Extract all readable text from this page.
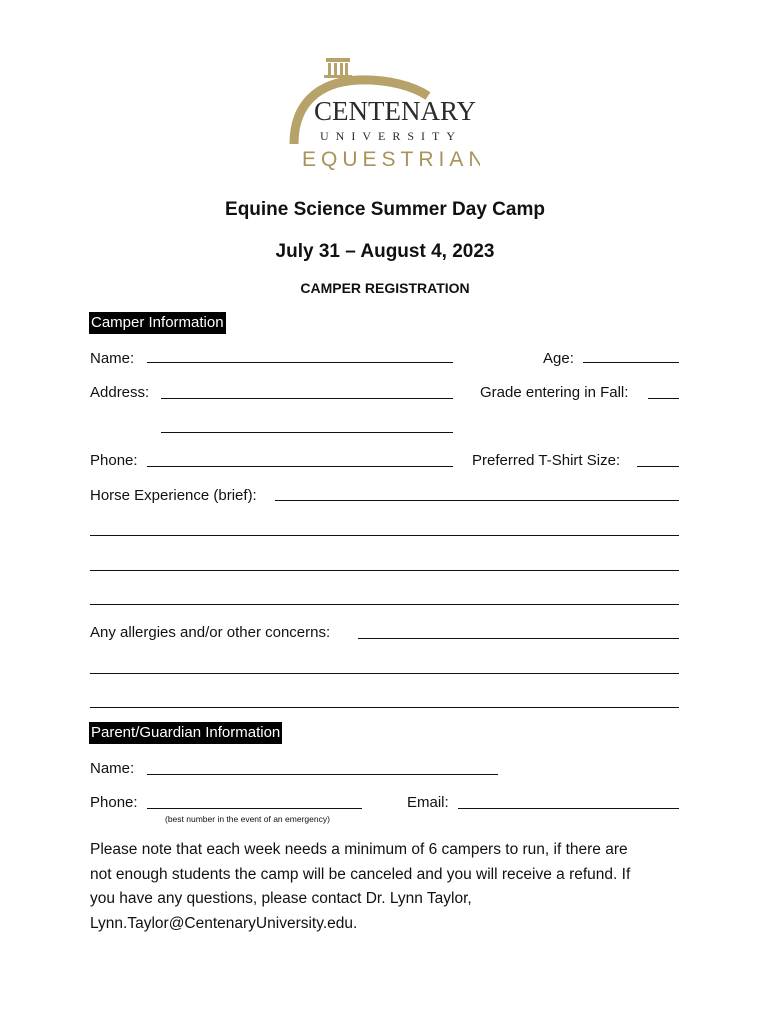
CENTENARY
UNIVERSITY
EQUESTRIAN
Equine Science Summer Day Camp
July 31 – August 4, 2023
CAMPER REGISTRATION
Camper Information
Name:	Age:
Address:	Grade entering in Fall:
Phone:	Preferred T-Shirt Size:
Horse Experience (brief):
Any allergies and/or other concerns:
Parent/Guardian Information
Name:
Phone:
(best number in the event of an emergency)
Email:
Please note that each week needs a minimum of 6 campers to run, if there are
not enough students the camp will be canceled and you will receive a refund. If
you have any questions, please contact Dr. Lynn Taylor,
Lynn.Taylor@CentenaryUniversity.edu.
